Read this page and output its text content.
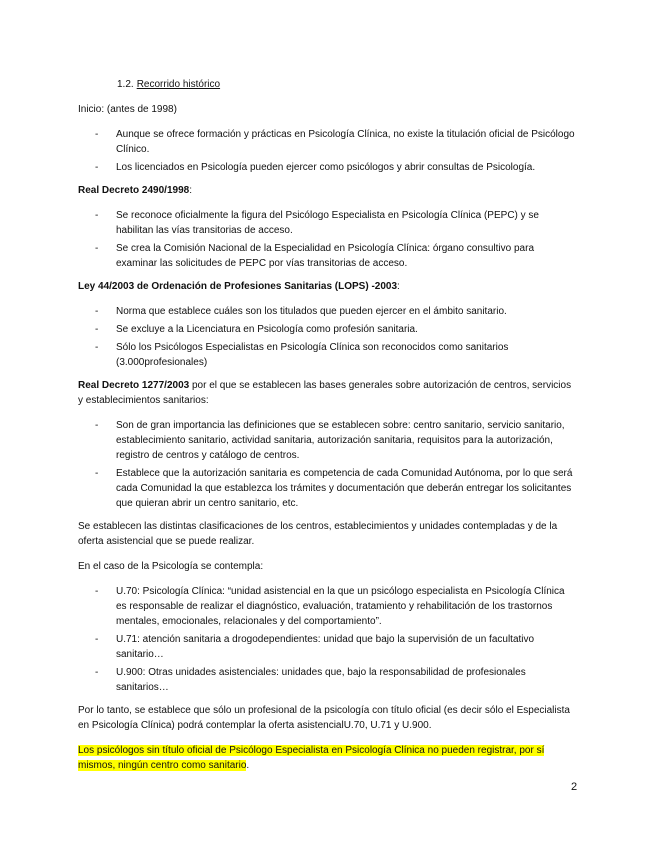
1.2. Recorrido histórico

Inicio: (antes de 1998)

- Aunque se ofrece formación y prácticas en Psicología Clínica, no existe la titulación oficial de Psicólogo Clínico.
- Los licenciados en Psicología pueden ejercer como psicólogos y abrir consultas de Psicología.

Real Decreto 2490/1998:

- Se reconoce oficialmente la figura del Psicólogo Especialista en Psicología Clínica (PEPC) y se habilitan las vías transitorias de acceso.
- Se crea la Comisión Nacional de la Especialidad en Psicología Clínica: órgano consultivo para examinar las solicitudes de PEPC por vías transitorias de acceso.

Ley 44/2003 de Ordenación de Profesiones Sanitarias (LOPS) -2003:

- Norma que establece cuáles son los titulados que pueden ejercer en el ámbito sanitario.
- Se excluye a la Licenciatura en Psicología como profesión sanitaria.
- Sólo los Psicólogos Especialistas en Psicología Clínica son reconocidos como sanitarios (3.000profesionales)

Real Decreto 1277/2003 por el que se establecen las bases generales sobre autorización de centros, servicios y establecimientos sanitarios:

- Son de gran importancia las definiciones que se establecen sobre: centro sanitario, servicio sanitario, establecimiento sanitario, actividad sanitaria, autorización sanitaria, requisitos para la autorización, registro de centros y catálogo de centros.
- Establece que la autorización sanitaria es competencia de cada Comunidad Autónoma, por lo que será cada Comunidad la que establezca los trámites y documentación que deberán entregar los solicitantes que quieran abrir un centro sanitario, etc.

Se establecen las distintas clasificaciones de los centros, establecimientos y unidades contempladas y de la oferta asistencial que se puede realizar.

En el caso de la Psicología se contempla:

- U.70: Psicología Clínica: “unidad asistencial en la que un psicólogo especialista en Psicología Clínica es responsable de realizar el diagnóstico, evaluación, tratamiento y rehabilitación de los trastornos mentales, emocionales, relacionales y del comportamiento”.
- U.71: atención sanitaria a drogodependientes: unidad que bajo la supervisión de un facultativo sanitario…
- U.900: Otras unidades asistenciales: unidades que, bajo la responsabilidad de profesionales sanitarios…

Por lo tanto, se establece que sólo un profesional de la psicología con título oficial (es decir sólo el Especialista en Psicología Clínica) podrá contemplar la oferta asistencialU.70, U.71 y U.900.

Los psicólogos sin título oficial de Psicólogo Especialista en Psicología Clínica no pueden registrar, por sí mismos, ningún centro como sanitario.

2
